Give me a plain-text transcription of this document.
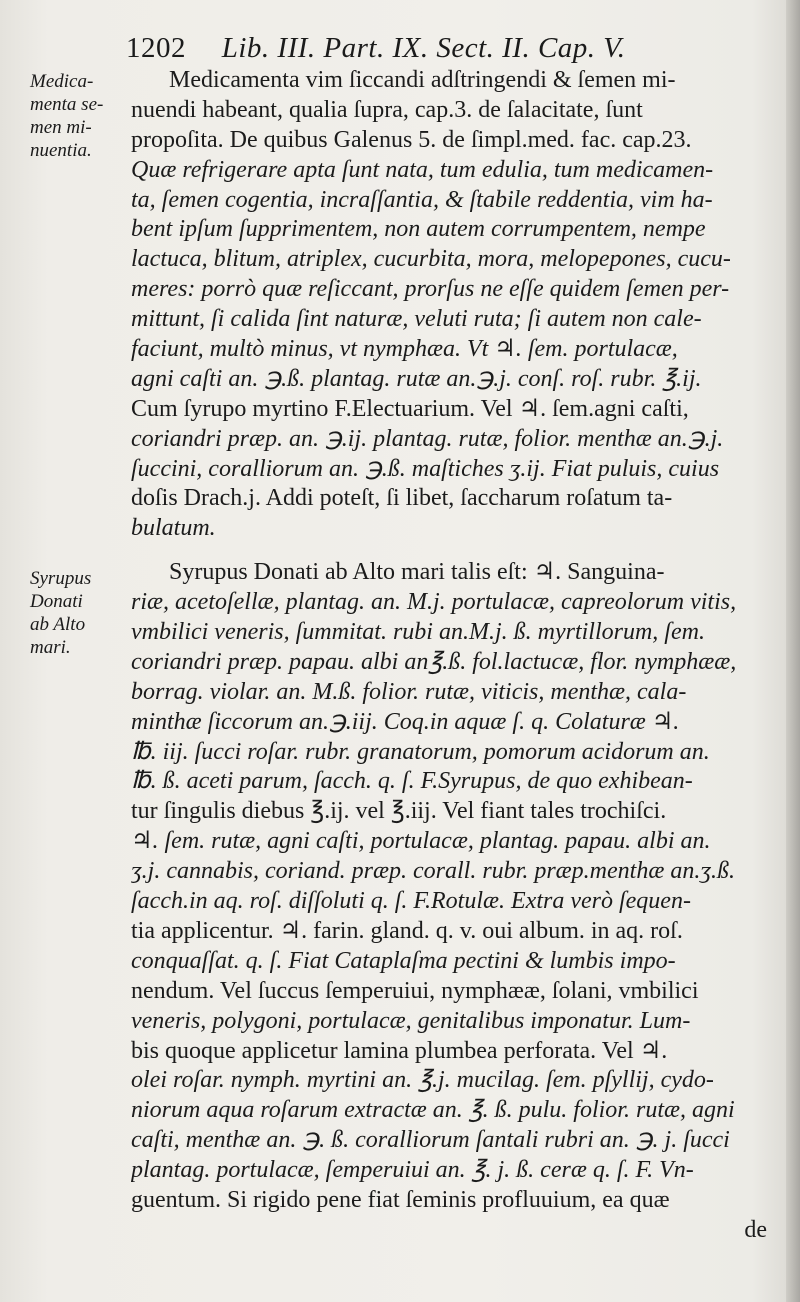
1202 Lib. III. Part. IX. Sect. II. Cap. V.
Medica-
menta se-
men mi-
nuentia.
Syrupus
Donati
ab Alto
mari.
Medicamenta vim ſiccandi adſtringendi & ſemen mi-
nuendi habeant, qualia ſupra, cap.3. de ſalacitate, ſunt
propoſita. De quibus Galenus 5. de ſimpl.med. fac. cap.23.
Quæ refrigerare apta ſunt nata, tum edulia, tum medicamen-
ta, ſemen cogentia, incraſſantia, & ſtabile reddentia, vim ha-
bent ipſum ſupprimentem, non autem corrumpentem, nempe
lactuca, blitum, atriplex, cucurbita, mora, melopepones, cucu-
meres: porrò quæ reſiccant, prorſus ne eſſe quidem ſemen per-
mittunt, ſi calida ſint naturæ, veluti ruta; ſi autem non cale-
faciunt, multò minus, vt nymphæa. Vt ♃. ſem. portulacæ,
agni caſti an. ℈.ß. plantag. rutæ an.℈.j. conſ. roſ. rubr. ℥.ij.
Cum ſyrupo myrtino F.Electuarium. Vel ♃. ſem.agni caſti,
coriandri præp. an. ℈.ij. plantag. rutæ, folior. menthæ an.℈.j.
ſuccini, coralliorum an. ℈.ß. maſtiches ʒ.ij. Fiat puluis, cuius
doſis Drach.j. Addi poteſt, ſi libet, ſaccharum roſatum ta-
bulatum.
Syrupus Donati ab Alto mari talis eſt: ♃. Sanguina-
riæ, acetoſellæ, plantag. an. M.j. portulacæ, capreolorum vitis,
vmbilici veneris, ſummitat. rubi an.M.j. ß. myrtillorum, ſem.
coriandri præp. papau. albi an℥.ß. fol.lactucæ, flor. nymphææ,
borrag. violar. an. M.ß. folior. rutæ, viticis, menthæ, cala-
minthæ ſiccorum an.℈.iij. Coq.in aquæ ſ. q. Colaturæ ♃.
℔. iij. ſucci roſar. rubr. granatorum, pomorum acidorum an.
℔. ß. aceti parum, ſacch. q. ſ. F.Syrupus, de quo exhibean-
tur ſingulis diebus ℥.ij. vel ℥.iij. Vel fiant tales trochiſci.
♃. ſem. rutæ, agni caſti, portulacæ, plantag. papau. albi an.
ʒ.j. cannabis, coriand. præp. corall. rubr. præp.menthæ an.ʒ.ß.
ſacch.in aq. roſ. diſſoluti q. ſ. F.Rotulæ. Extra verò ſequen-
tia applicentur. ♃. farin. gland. q. v. oui album. in aq. roſ.
conquaſſat. q. ſ. Fiat Cataplaſma pectini & lumbis impo-
nendum. Vel ſuccus ſemperuiui, nymphææ, ſolani, vmbilici
veneris, polygoni, portulacæ, genitalibus imponatur. Lum-
bis quoque applicetur lamina plumbea perforata. Vel ♃.
olei roſar. nymph. myrtini an. ℥.j. mucilag. ſem. pſyllij, cydo-
niorum aqua roſarum extractæ an. ℥. ß. pulu. folior. rutæ, agni
caſti, menthæ an. ℈. ß. coralliorum ſantali rubri an. ℈. j. ſucci
plantag. portulacæ, ſemperuiui an. ℥. j. ß. ceræ q. ſ. F. Vn-
guentum. Si rigido pene fiat ſeminis profluuium, ea quæ
de
